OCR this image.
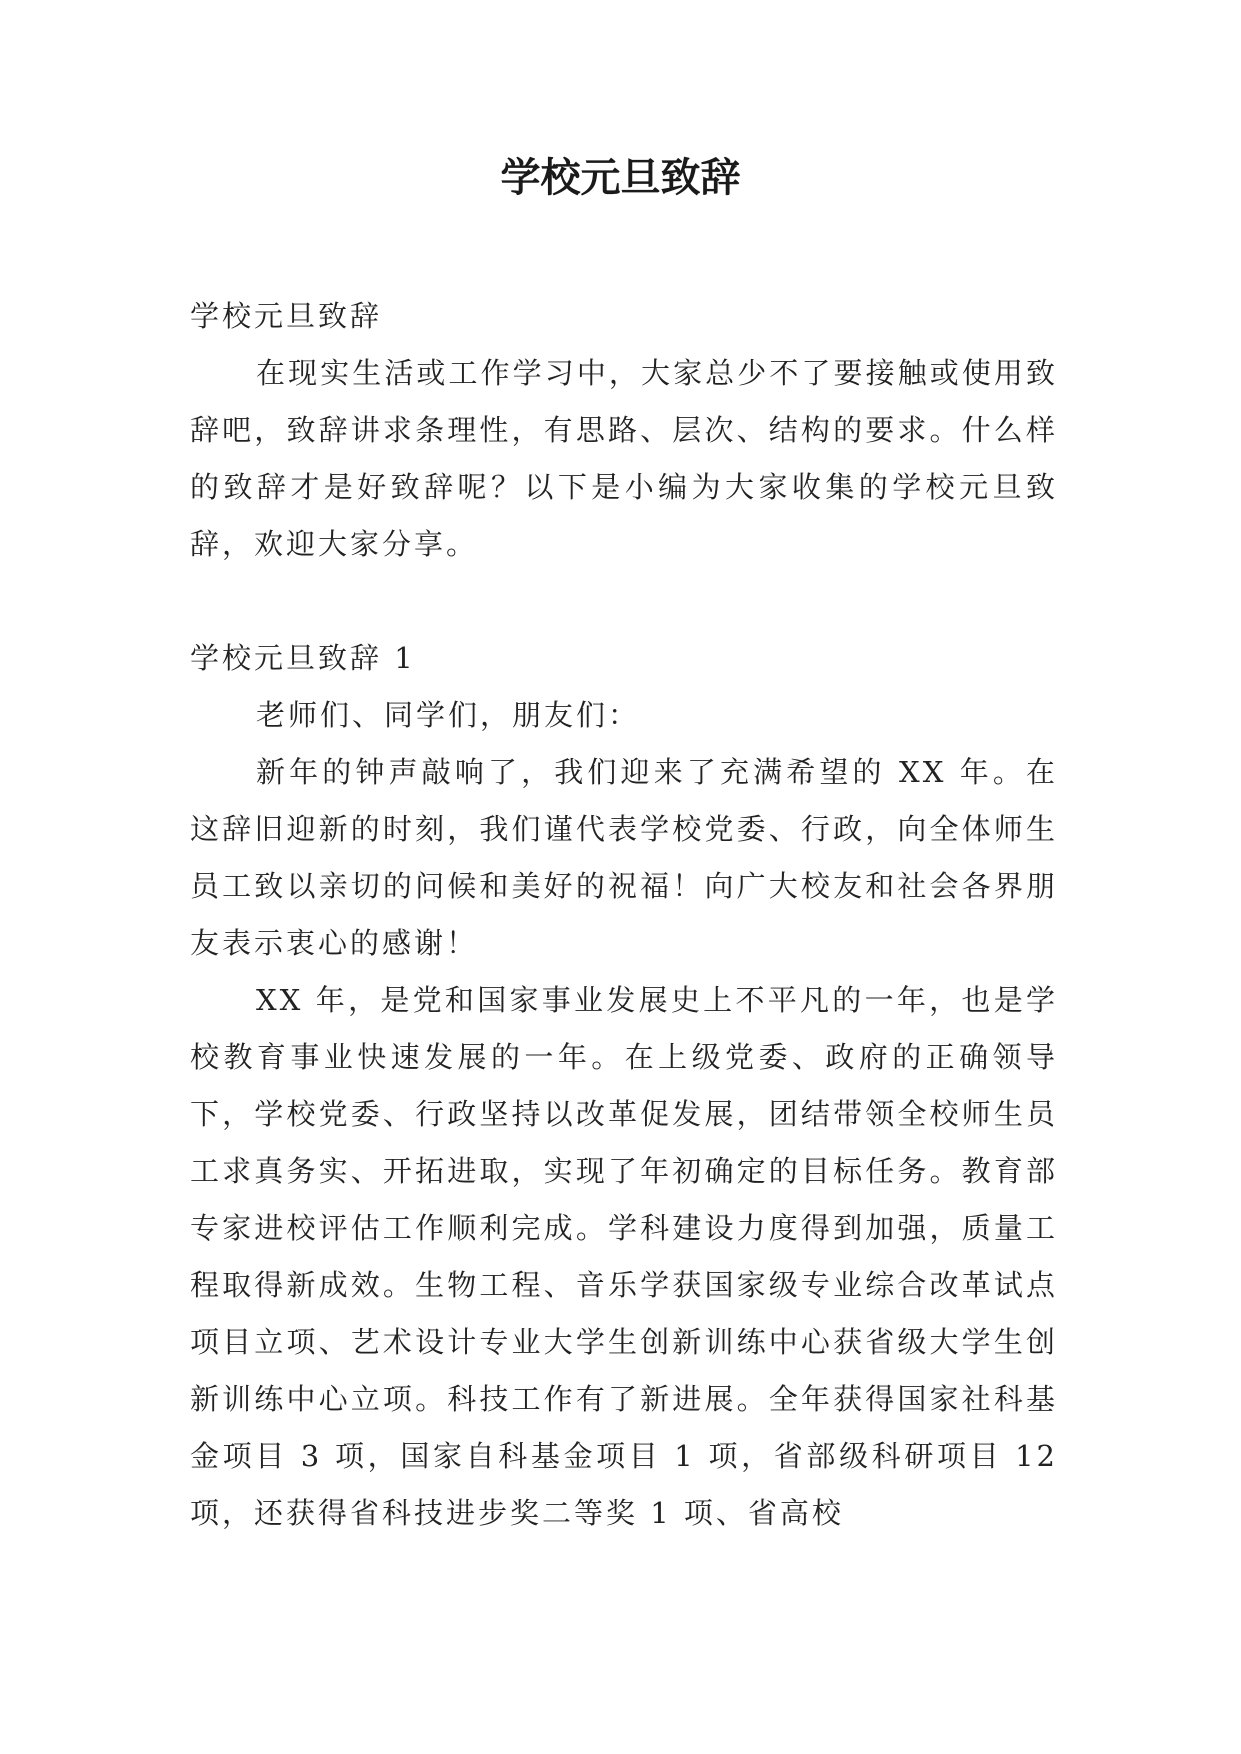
学校元旦致辞

学校元旦致辞

在现实生活或工作学习中，大家总少不了要接触或使用致辞吧，致辞讲求条理性，有思路、层次、结构的要求。什么样的致辞才是好致辞呢？以下是小编为大家收集的学校元旦致辞，欢迎大家分享。

学校元旦致辞 1

老师们、同学们，朋友们：

新年的钟声敲响了，我们迎来了充满希望的 XX 年。在这辞旧迎新的时刻，我们谨代表学校党委、行政，向全体师生员工致以亲切的问候和美好的祝福！向广大校友和社会各界朋友表示衷心的感谢！

XX 年，是党和国家事业发展史上不平凡的一年，也是学校教育事业快速发展的一年。在上级党委、政府的正确领导下，学校党委、行政坚持以改革促发展，团结带领全校师生员工求真务实、开拓进取，实现了年初确定的目标任务。教育部专家进校评估工作顺利完成。学科建设力度得到加强，质量工程取得新成效。生物工程、音乐学获国家级专业综合改革试点项目立项、艺术设计专业大学生创新训练中心获省级大学生创新训练中心立项。科技工作有了新进展。全年获得国家社科基金项目 3 项，国家自科基金项目 1 项，省部级科研项目 12 项，还获得省科技进步奖二等奖 1 项、省高校
